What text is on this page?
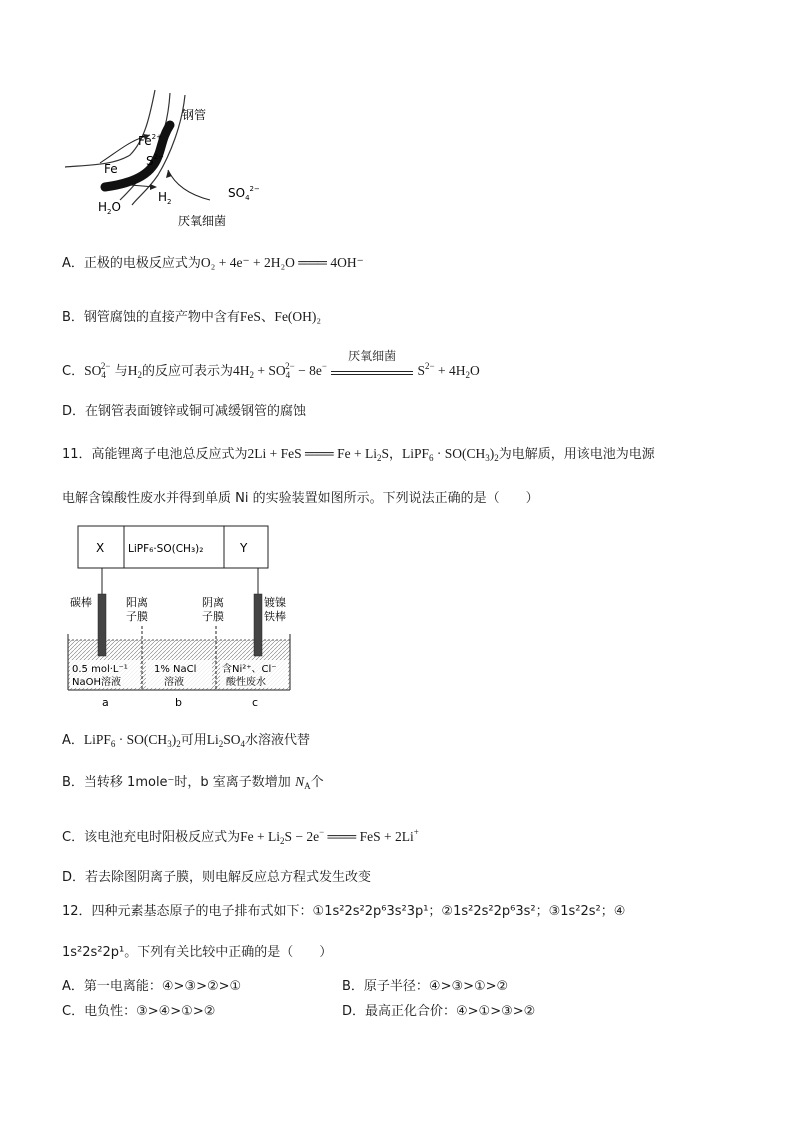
钢管
$Fe^{2+}$
$S^{2-}$
Fe
$H_2O$
$H_2$
$SO_4^{2-}$
厌氧细菌
A．正极的电极反应式为O₂ + 4e⁻ + 2H₂O ═══ 4OH⁻
B．钢管腐蚀的直接产物中含有FeS、Fe(OH)₂
C．$SO_4^{2-}$ 与$H_2$的反应可表示为$4H_2 + SO_4^{2-} - 8e^-$
厌氧细菌
$S^{2-} + 4H_2O$
D．在钢管表面镀锌或铜可减缓钢管的腐蚀
11．高能锂离子电池总反应式为2Li + FeS ═══ $Fe + Li_2S$，LiPF$_6$ · $SO(CH_3)_2$为电解质，用该电池为电源
电解含镍酸性废水并得到单质 Ni 的实验装置如图所示。下列说法正确的是（　　）
X LiPF₆·SO(CH₃)₂	Y
碳棒	阳离
子膜
阴离
子膜
镀镍
铁棒
0.5 mol·L⁻¹
NaOH溶液
1% NaCl
溶液
含Ni²⁺、Cl⁻
酸性废水
a	b	c
A．LiPF$_6$ · $SO(CH_3)_2$可用$Li_2SO_4$水溶液代替
B．当转移 1mole⁻时，b 室离子数增加 $N_A$个
C．该电池充电时阳极反应式为$Fe + Li_2S - 2e^-$ ═══ FeS + 2Li+
D．若去除图阴离子膜，则电解反应总方程式发生改变
12．四种元素基态原子的电子排布式如下：①1s²2s²2p⁶3s²3p¹；②1s²2s²2p⁶3s²；③1s²2s²；④
1s²2s²2p¹。下列有关比较中正确的是（　　）
A．第一电离能：④>③>②>①	B．原子半径：④>③>①>②
C．电负性：③>④>①>②	D．最高正化合价：④>①>③>②
